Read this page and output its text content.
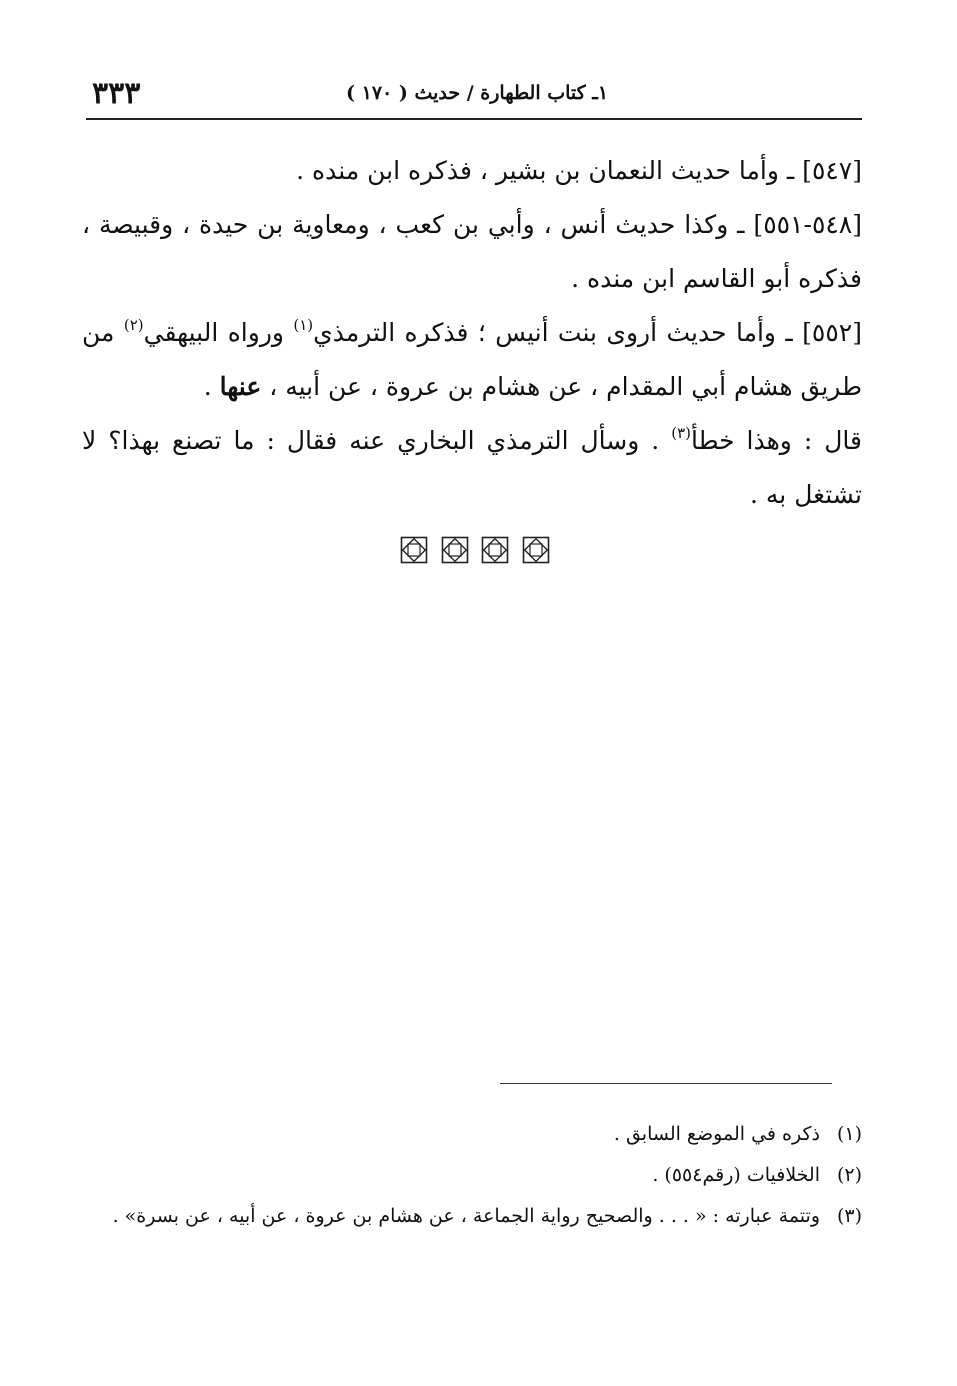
٣٣٣	١ـ كتاب الطهارة / حديث ( ١٧٠ )

[٥٤٧] ـ وأما حديث النعمان بن بشير ، فذكره ابن منده .

[٥٤٨-٥٥١] ـ وكذا حديث أنس ، وأبي بن كعب ، ومعاوية بن حيدة ، وقبيصة ، فذكره أبو القاسم ابن منده .

[٥٥٢] ـ وأما حديث أروى بنت أنيس ؛ فذكره الترمذي$^{(١)}$ ورواه البيهقي$^{(٢)}$ من طريق هشام أبي المقدام ، عن هشام بن عروة ، عن أبيه ، عنها .

قال : وهذا خطأ$^{(٣)}$ . وسأل الترمذي البخاري عنه فقال : ما تصنع بهذا؟ لا تشتغل به .

(١)ذكره في الموضع السابق .
(٢)الخلافيات (رقم٥٥٤) .
(٣)وتتمة عبارته : « . . . والصحيح رواية الجماعة ، عن هشام بن عروة ، عن أبيه ، عن بسرة» .
